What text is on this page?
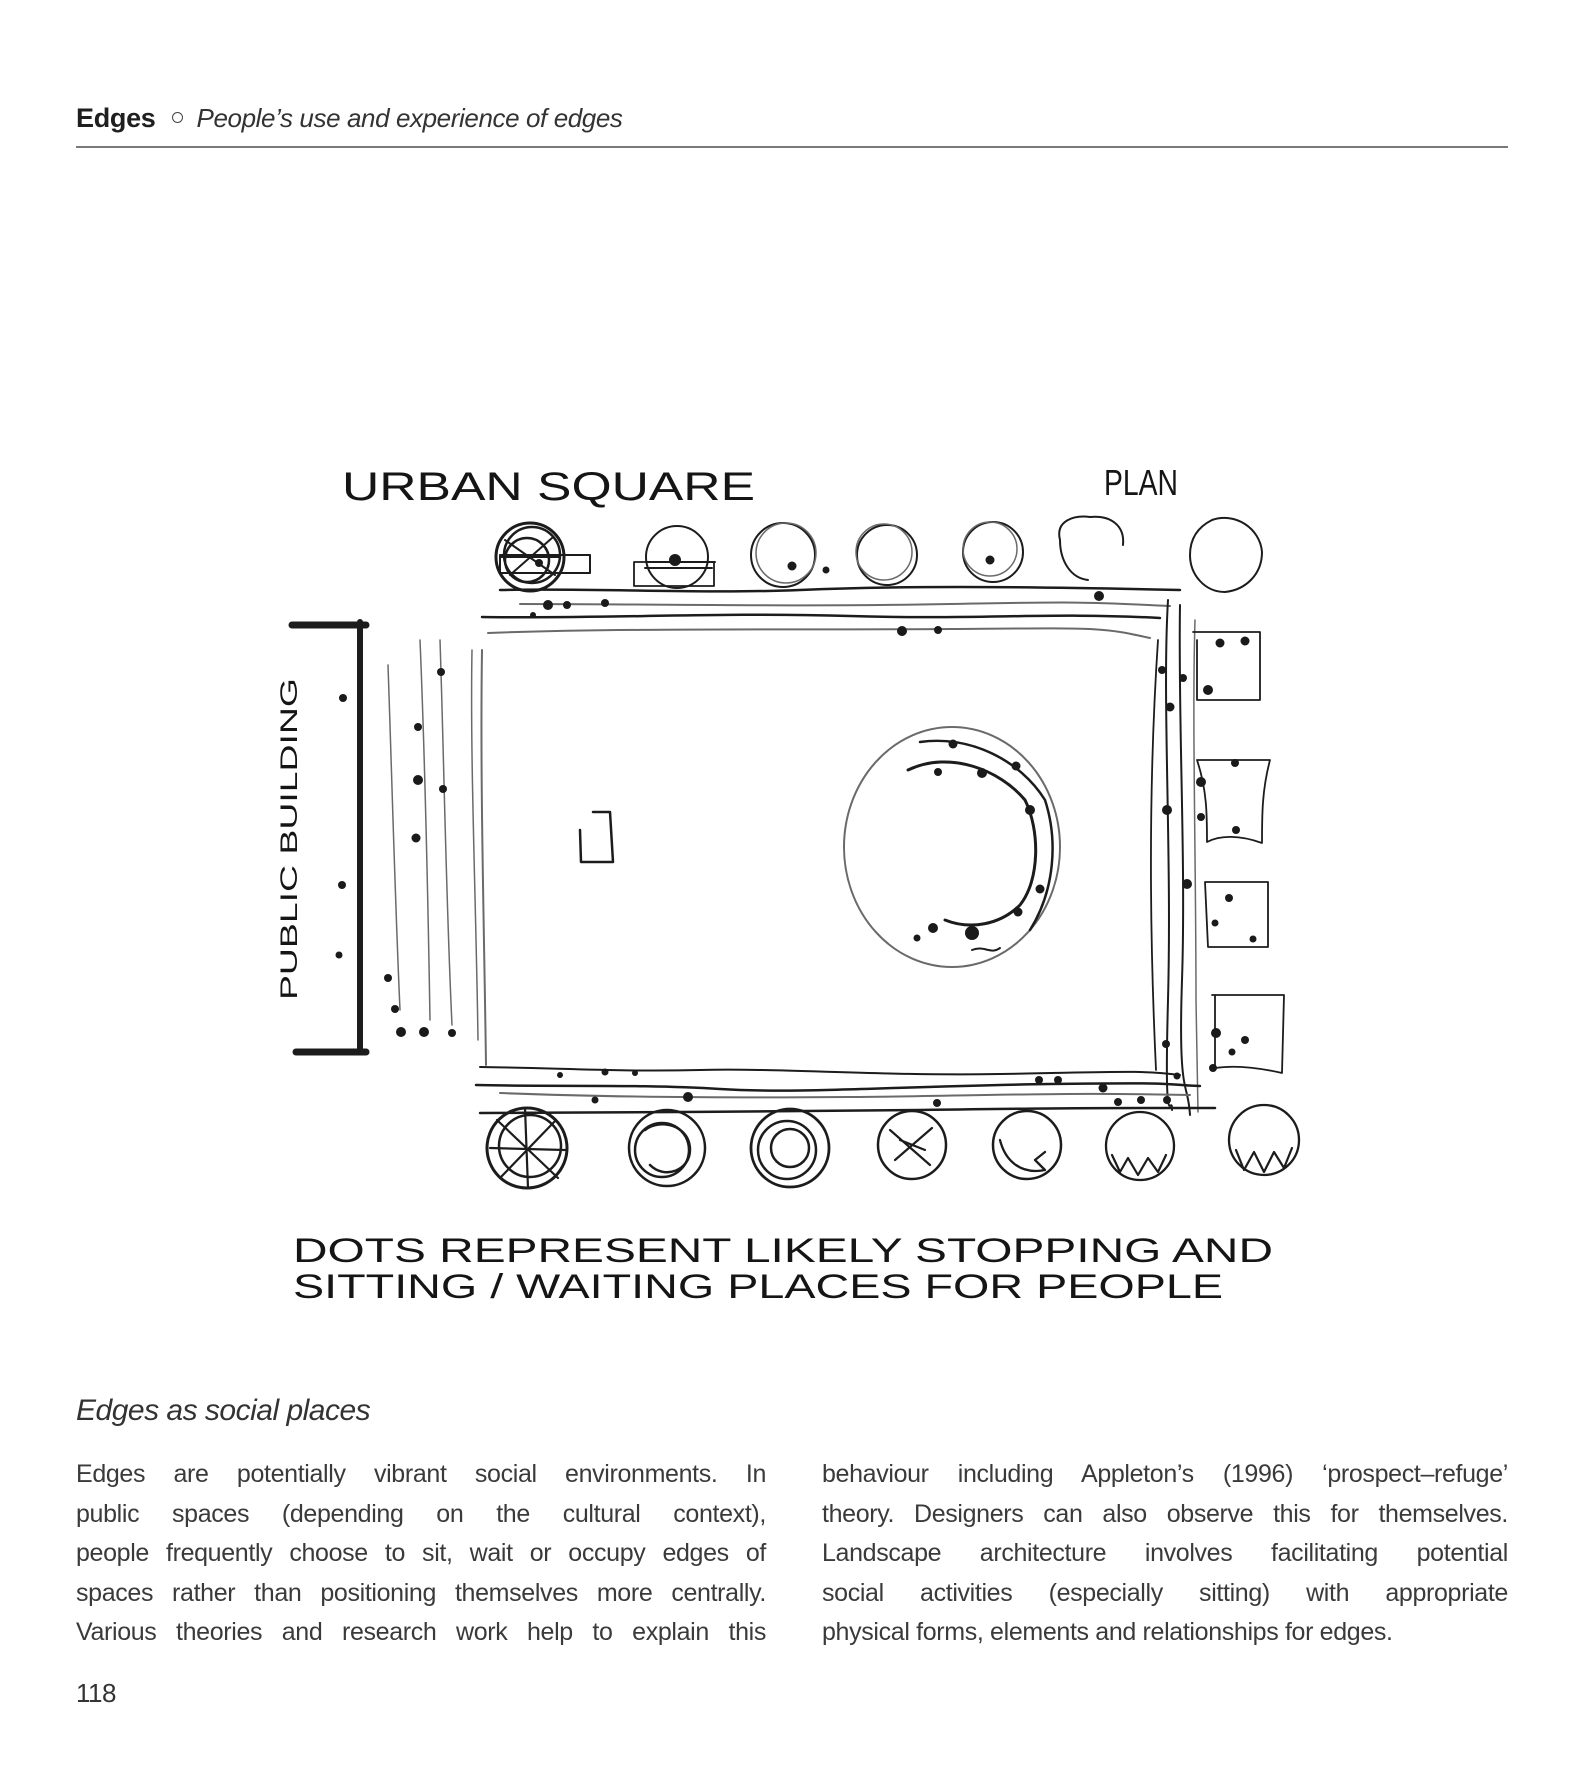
Edges People’s use and experience of edges
URBAN SQUARE	PLAN
PUBLIC BUILDING
DOTS REPRESENT LIKELY STOPPING AND
SITTING / WAITING PLACES FOR PEOPLE
Edges as social places
Edges are potentially vibrant social environments. In
public spaces (depending on the cultural context),
people frequently choose to sit, wait or occupy edges of
spaces rather than positioning themselves more centrally.
Various theories and research work help to explain this
behaviour including Appleton’s (1996) ‘prospect–refuge’
theory. Designers can also observe this for themselves.
Landscape architecture involves facilitating potential
social activities (especially sitting) with appropriate
physical forms, elements and relationships for edges.
118
